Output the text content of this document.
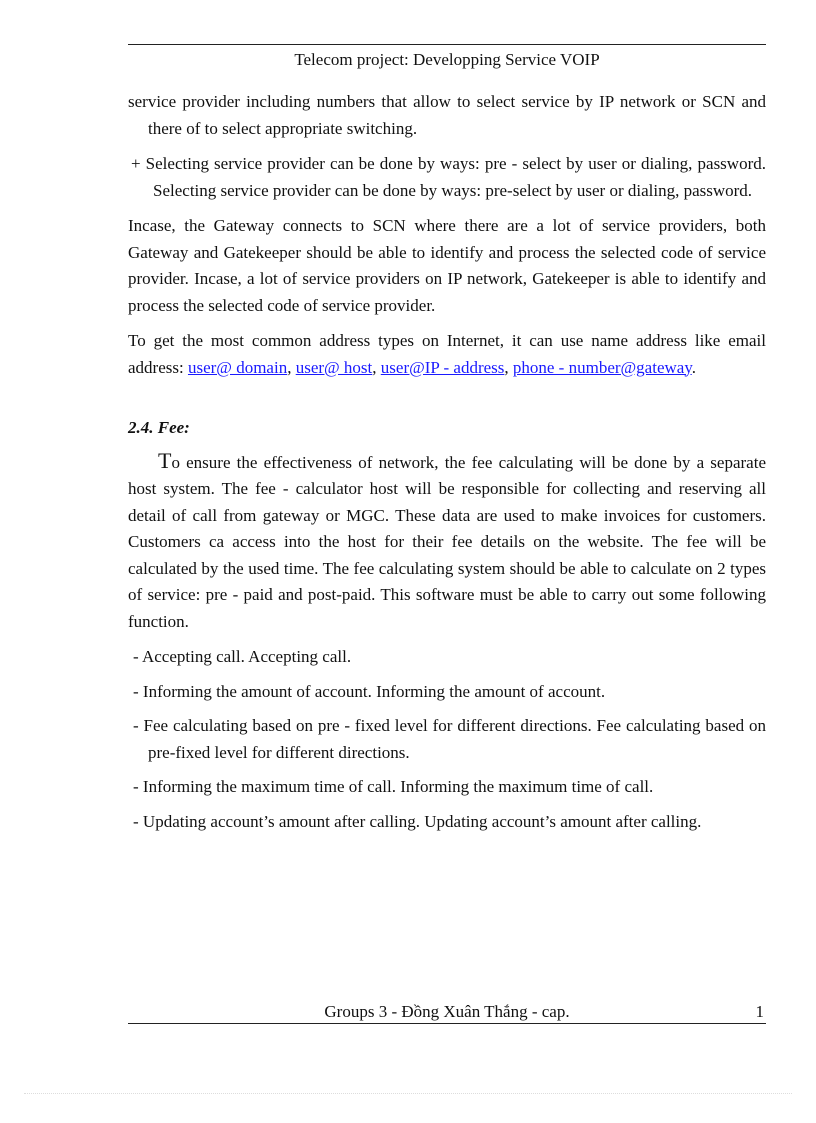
Telecom project: Developping Service VOIP

service provider including numbers that allow to select service by IP network or SCN and there of to select appropriate switching.

+ Selecting service provider can be done by ways: pre - select by user or dialing, password. Selecting service provider can be done by ways: pre-select by user or dialing, password.

Incase, the Gateway connects to SCN where there are a lot of service providers, both Gateway and Gatekeeper should be able to identify and process the selected code of service provider. Incase, a lot of service providers on IP network, Gatekeeper is able to identify and process the selected code of service provider.

To get the most common address types on Internet, it can use name address like email address: user@ domain, user@ host, user@IP - address, phone - number@gateway.

2.4. Fee:

To ensure the effectiveness of network, the fee calculating will be done by a separate host system. The fee - calculator host will be responsible for collecting and reserving all detail of call from gateway or MGC. These data are used to make invoices for customers. Customers ca access into the host for their fee details on the website. The fee will be calculated by the used time. The fee calculating system should be able to calculate on 2 types of service: pre - paid and post-paid. This software must be able to carry out some following function.

- Accepting call. Accepting call.
- Informing the amount of account. Informing the amount of account.
- Fee calculating based on pre - fixed level for different directions. Fee calculating based on pre-fixed level for different directions.
- Informing the maximum time of call. Informing the maximum time of call.
- Updating account’s amount after calling. Updating account’s amount after calling.
Groups 3 - Đồng Xuân Thắng - cap.	1
